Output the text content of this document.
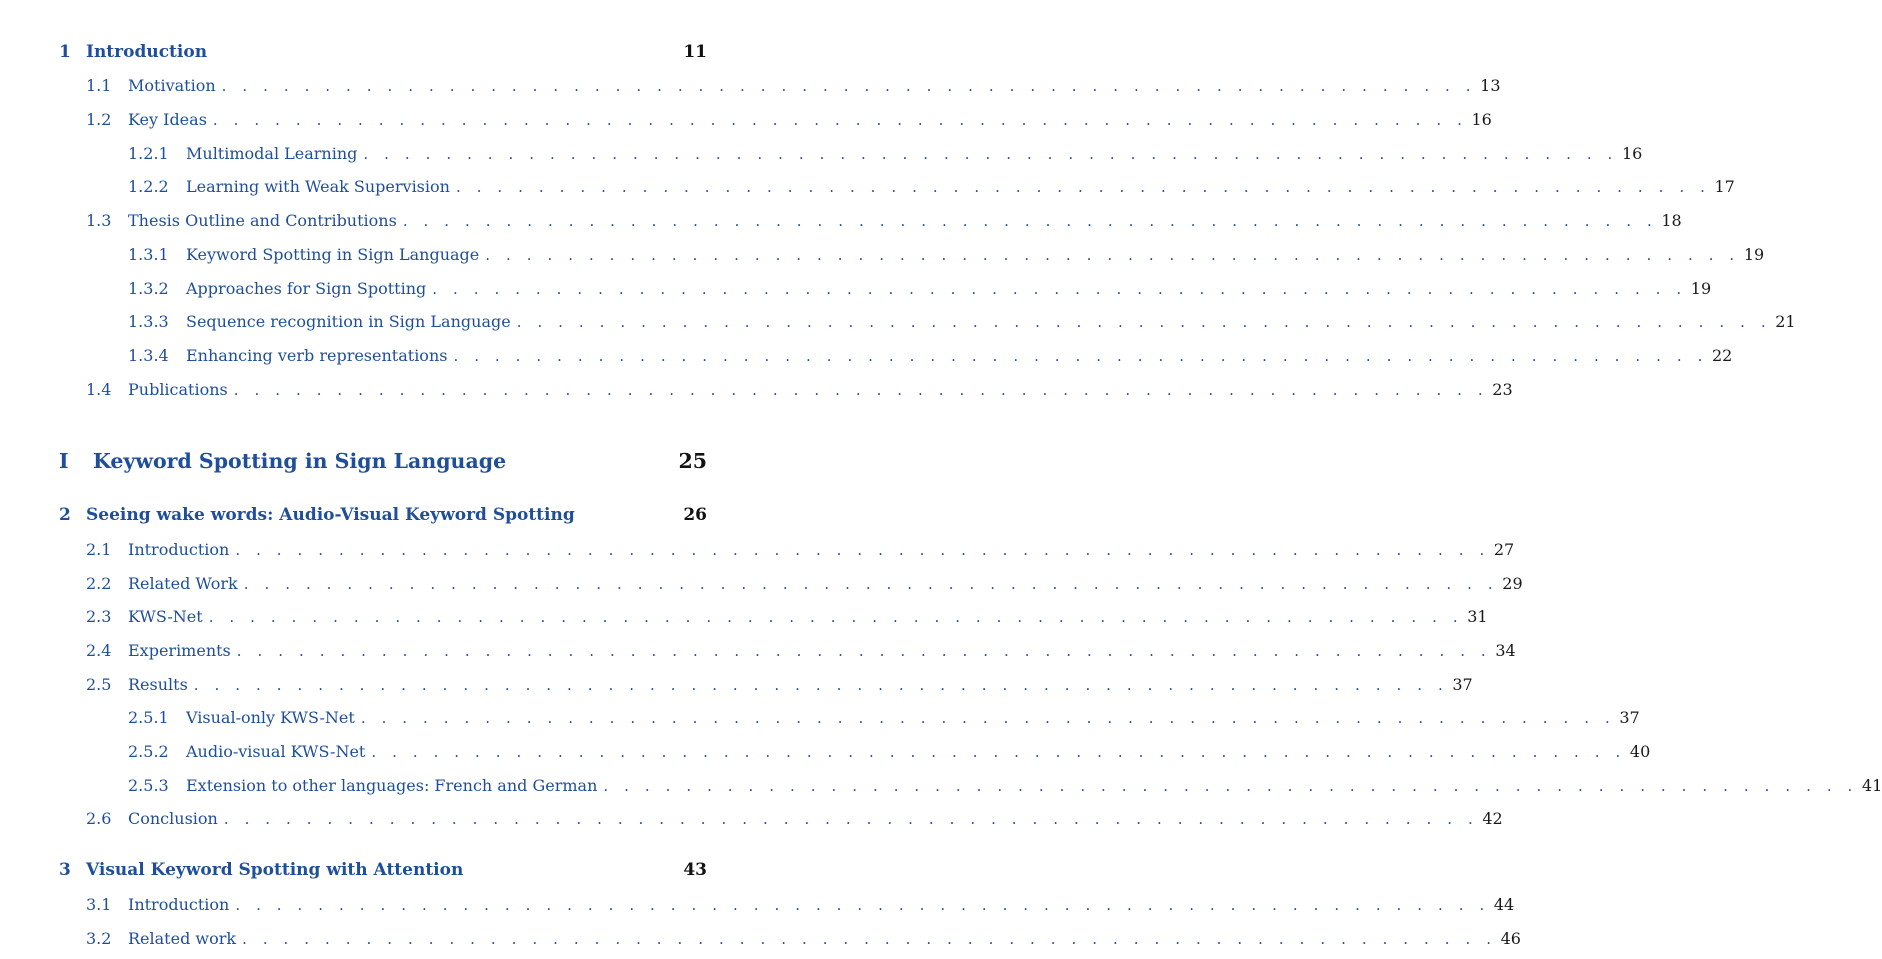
1 Introduction	11
1.1	Motivation . . . . . . . . . . . . . . . . . . . . . . . . . . . . . . . . . . . . . . . . . . . . . . . . . . . . . . . . . . . . . 13
1.2	Key Ideas . . . . . . . . . . . . . . . . . . . . . . . . . . . . . . . . . . . . . . . . . . . . . . . . . . . . . . . . . . . . . 16
1.2.1	Multimodal Learning . . . . . . . . . . . . . . . . . . . . . . . . . . . . . . . . . . . . . . . . . . . . . . . . . . . . . . . . . . . . . 16
1.2.2	Learning with Weak Supervision . . . . . . . . . . . . . . . . . . . . . . . . . . . . . . . . . . . . . . . . . . . . . . . . . . . . . . . . . . . . . 17
1.3	Thesis Outline and Contributions . . . . . . . . . . . . . . . . . . . . . . . . . . . . . . . . . . . . . . . . . . . . . . . . . . . . . . . . . . . . . 18
1.3.1	Keyword Spotting in Sign Language . . . . . . . . . . . . . . . . . . . . . . . . . . . . . . . . . . . . . . . . . . . . . . . . . . . . . . . . . . . . . 19
1.3.2	Approaches for Sign Spotting . . . . . . . . . . . . . . . . . . . . . . . . . . . . . . . . . . . . . . . . . . . . . . . . . . . . . . . . . . . . . 19
1.3.3	Sequence recognition in Sign Language . . . . . . . . . . . . . . . . . . . . . . . . . . . . . . . . . . . . . . . . . . . . . . . . . . . . . . . . . . . . . 21
1.3.4	Enhancing verb representations . . . . . . . . . . . . . . . . . . . . . . . . . . . . . . . . . . . . . . . . . . . . . . . . . . . . . . . . . . . . . 22
1.4	Publications . . . . . . . . . . . . . . . . . . . . . . . . . . . . . . . . . . . . . . . . . . . . . . . . . . . . . . . . . . . . . 23
I	Keyword Spotting in Sign Language	25
2 Seeing wake words: Audio-Visual Keyword Spotting	26
2.1	Introduction . . . . . . . . . . . . . . . . . . . . . . . . . . . . . . . . . . . . . . . . . . . . . . . . . . . . . . . . . . . . . 27
2.2	Related Work . . . . . . . . . . . . . . . . . . . . . . . . . . . . . . . . . . . . . . . . . . . . . . . . . . . . . . . . . . . . . 29
2.3	KWS-Net . . . . . . . . . . . . . . . . . . . . . . . . . . . . . . . . . . . . . . . . . . . . . . . . . . . . . . . . . . . . . 31
2.4	Experiments . . . . . . . . . . . . . . . . . . . . . . . . . . . . . . . . . . . . . . . . . . . . . . . . . . . . . . . . . . . . . 34
2.5	Results . . . . . . . . . . . . . . . . . . . . . . . . . . . . . . . . . . . . . . . . . . . . . . . . . . . . . . . . . . . . . 37
2.5.1	Visual-only KWS-Net . . . . . . . . . . . . . . . . . . . . . . . . . . . . . . . . . . . . . . . . . . . . . . . . . . . . . . . . . . . . . 37
2.5.2	Audio-visual KWS-Net . . . . . . . . . . . . . . . . . . . . . . . . . . . . . . . . . . . . . . . . . . . . . . . . . . . . . . . . . . . . . 40
2.5.3	Extension to other languages: French and German . . . . . . . . . . . . . . . . . . . . . . . . . . . . . . . . . . . . . . . . . . . . . . . . . . . . . . . . . . . . . 41
2.6	Conclusion . . . . . . . . . . . . . . . . . . . . . . . . . . . . . . . . . . . . . . . . . . . . . . . . . . . . . . . . . . . . . 42
3 Visual Keyword Spotting with Attention	43
3.1	Introduction . . . . . . . . . . . . . . . . . . . . . . . . . . . . . . . . . . . . . . . . . . . . . . . . . . . . . . . . . . . . . 44
3.2	Related work . . . . . . . . . . . . . . . . . . . . . . . . . . . . . . . . . . . . . . . . . . . . . . . . . . . . . . . . . . . . . 46
